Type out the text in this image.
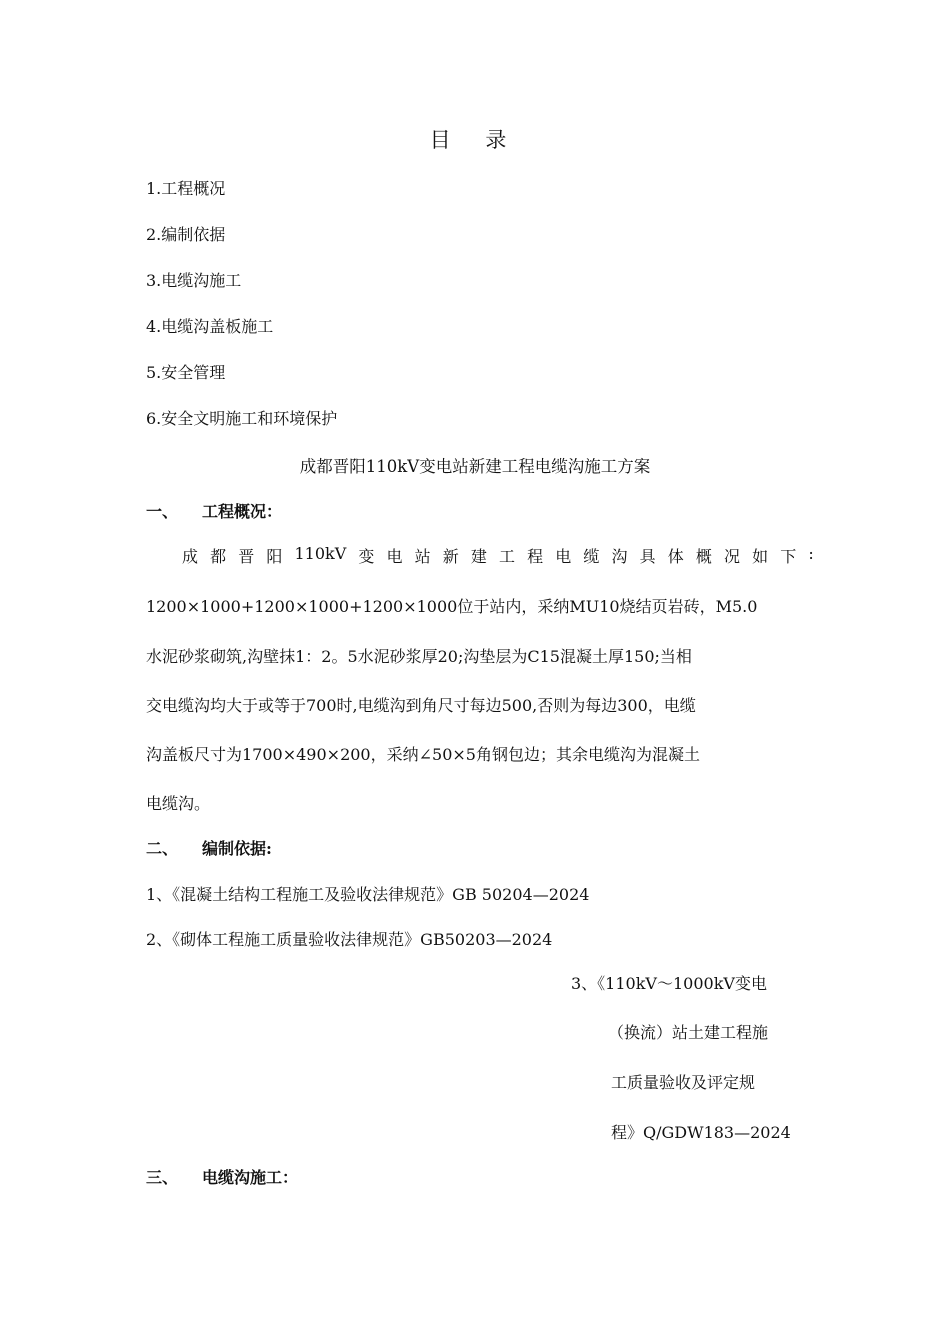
目 录
1.工程概况
2.编制依据
3.电缆沟施工
4.电缆沟盖板施工
5.安全管理
6.安全文明施工和环境保护
成都晋阳110kV变电站新建工程电缆沟施工方案
一、 工程概况：
成 都 晋 阳 110kV 变 电 站 新 建 工 程 电 缆 沟 具 体 概 况 如 下 :
1200×1000+1200×1000+1200×1000位于站内，采纳MU10烧结页岩砖，M5.0
水泥砂浆砌筑,沟壁抹1：2。5水泥砂浆厚20;沟垫层为C15混凝土厚150;当相
交电缆沟均大于或等于700时,电缆沟到角尺寸每边500,否则为每边300，电缆
沟盖板尺寸为1700×490×200，采纳∠50×5角钢包边；其余电缆沟为混凝土
电缆沟。
二、 编制依据:
1、《混凝土结构工程施工及验收法律规范》GB 50204—2024
2、《砌体工程施工质量验收法律规范》GB50203—2024
3、《110kV～1000kV变电
（换流）站土建工程施
工质量验收及评定规
程》Q/GDW183—2024
三、 电缆沟施工：
